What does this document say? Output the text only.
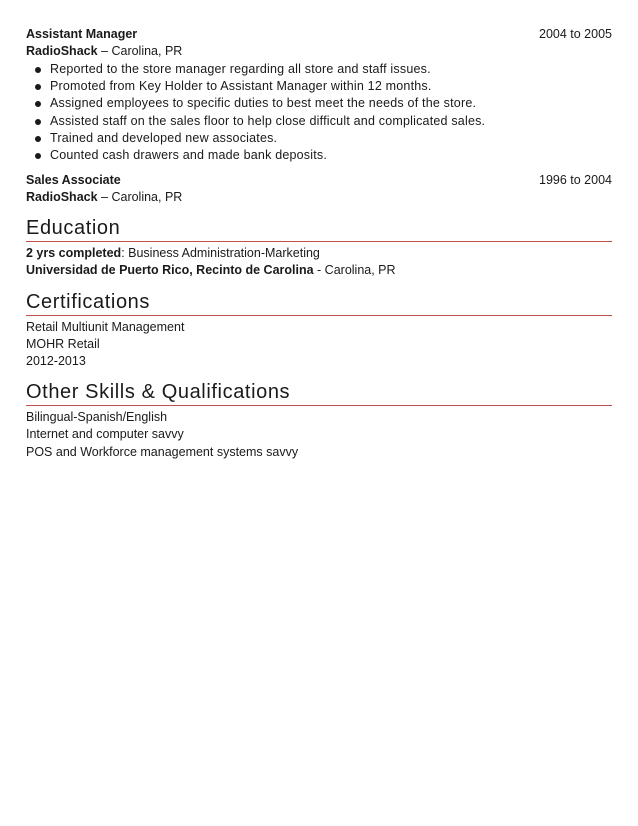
Assistant Manager	2004 to 2005
RadioShack – Carolina, PR
Reported to the store manager regarding all store and staff issues.
Promoted from Key Holder to Assistant Manager within 12 months.
Assigned employees to specific duties to best meet the needs of the store.
Assisted staff on the sales floor to help close difficult and complicated sales.
Trained and developed new associates.
Counted cash drawers and made bank deposits.
Sales Associate	1996 to 2004
RadioShack – Carolina, PR
Education
2 yrs completed: Business Administration-Marketing
Universidad de Puerto Rico, Recinto de Carolina - Carolina, PR
Certifications
Retail Multiunit Management
MOHR Retail
2012-2013
Other Skills & Qualifications
Bilingual-Spanish/English
Internet and computer savvy
POS and Workforce management systems savvy
